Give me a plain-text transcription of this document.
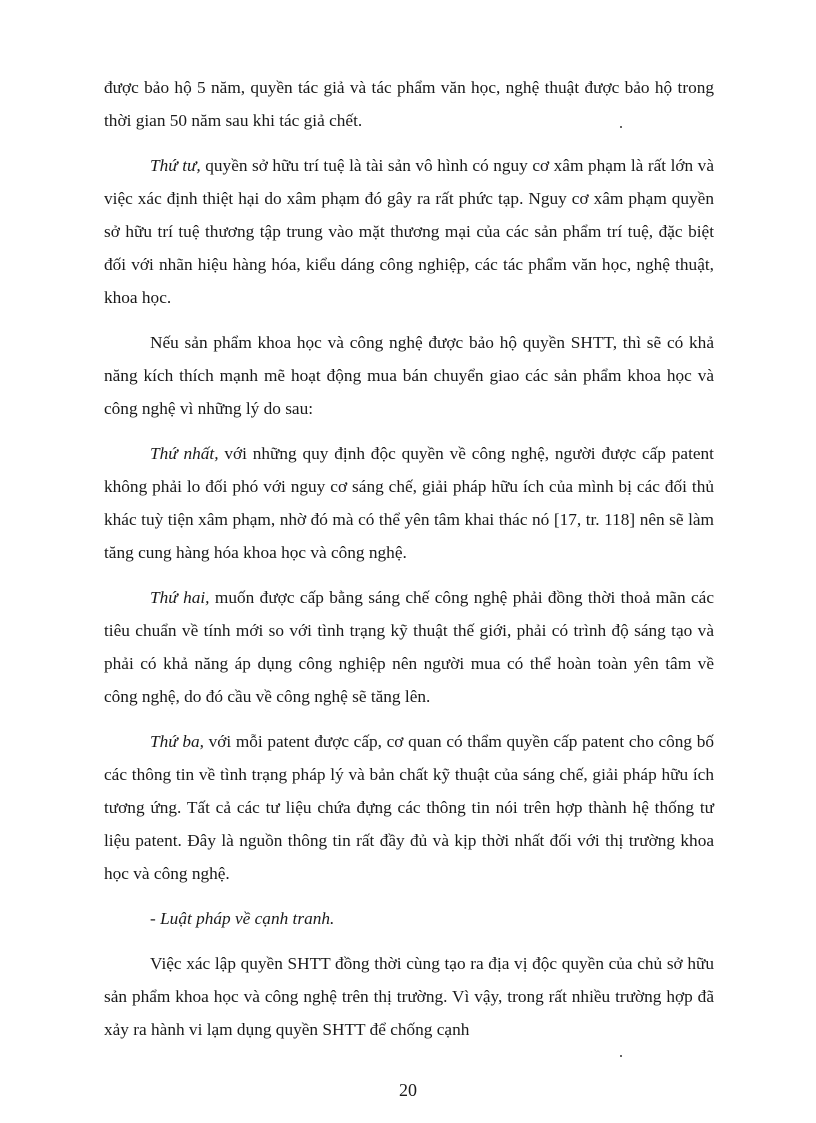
được bảo hộ 5 năm, quyền tác giả và tác phẩm văn học, nghệ thuật được bảo hộ trong thời gian 50 năm sau khi tác giả chết.

Thứ tư, quyền sở hữu trí tuệ là tài sản vô hình có nguy cơ xâm phạm là rất lớn và việc xác định thiệt hại do xâm phạm đó gây ra rất phức tạp. Nguy cơ xâm phạm quyền sở hữu trí tuệ thương tập trung vào mặt thương mại của các sản phẩm trí tuệ, đặc biệt đối với nhãn hiệu hàng hóa, kiểu dáng công nghiệp, các tác phẩm văn học, nghệ thuật, khoa học.

Nếu sản phẩm khoa học và công nghệ được bảo hộ quyền SHTT, thì sẽ có khả năng kích thích mạnh mẽ hoạt động mua bán chuyển giao các sản phẩm khoa học và công nghệ vì những lý do sau:

Thứ nhất, với những quy định độc quyền về công nghệ, người được cấp patent không phải lo đối phó với nguy cơ sáng chế, giải pháp hữu ích của mình bị các đối thủ khác tuỳ tiện xâm phạm, nhờ đó mà có thể yên tâm khai thác nó [17, tr. 118] nên sẽ làm tăng cung hàng hóa khoa học và công nghệ.

Thứ hai, muốn được cấp bằng sáng chế công nghệ phải đồng thời thoả mãn các tiêu chuẩn về tính mới so với tình trạng kỹ thuật thế giới, phải có trình độ sáng tạo và phải có khả năng áp dụng công nghiệp nên người mua có thể hoàn toàn yên tâm về công nghệ, do đó cầu về công nghệ sẽ tăng lên.

Thứ ba, với mỗi patent được cấp, cơ quan có thẩm quyền cấp patent cho công bố các thông tin về tình trạng pháp lý và bản chất kỹ thuật của sáng chế, giải pháp hữu ích tương ứng. Tất cả các tư liệu chứa đựng các thông tin nói trên hợp thành hệ thống tư liệu patent. Đây là nguồn thông tin rất đầy đủ và kịp thời nhất đối với thị trường khoa học và công nghệ.

- Luật pháp về cạnh tranh.

Việc xác lập quyền SHTT đồng thời cùng tạo ra địa vị độc quyền của chủ sở hữu sản phẩm khoa học và công nghệ trên thị trường. Vì vậy, trong rất nhiều trường hợp đã xảy ra hành vi lạm dụng quyền SHTT để chống cạnh

20
